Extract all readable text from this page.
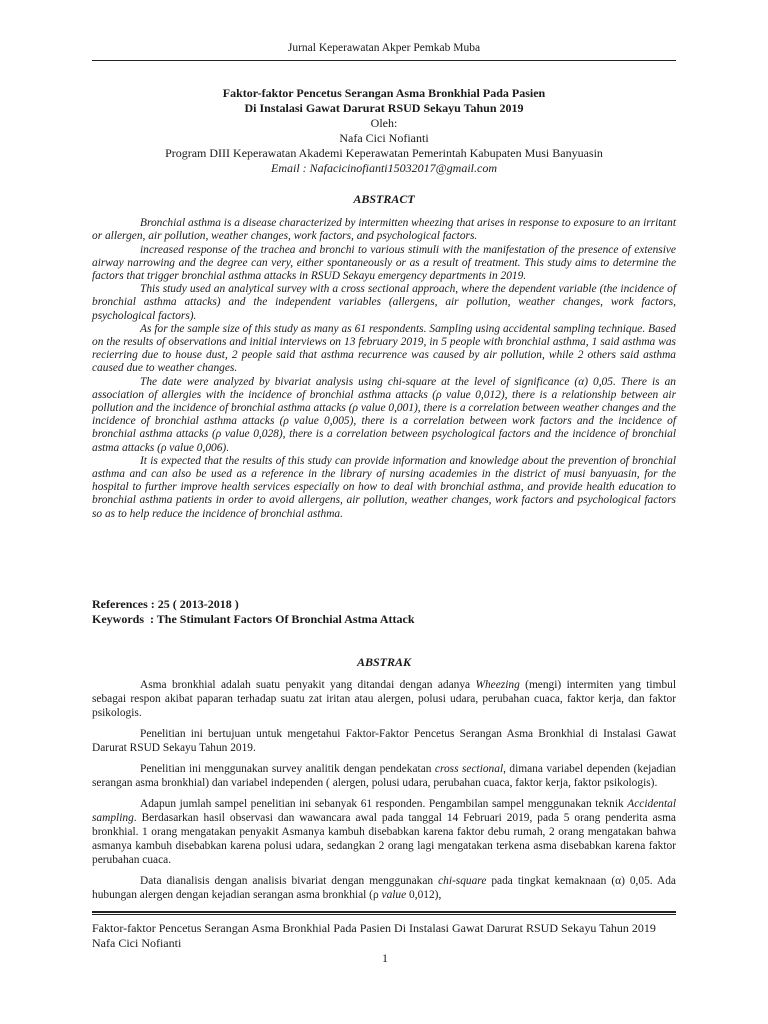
Jurnal Keperawatan Akper Pemkab Muba
Faktor-faktor Pencetus Serangan Asma Bronkhial Pada Pasien
Di Instalasi Gawat Darurat RSUD Sekayu Tahun 2019
Oleh:
Nafa Cici Nofianti
Program DIII Keperawatan Akademi Keperawatan Pemerintah Kabupaten Musi Banyuasin
Email : Nafacicinofianti15032017@gmail.com
ABSTRACT

Bronchial asthma is a disease characterized by intermitten wheezing that arises in response to exposure to an irritant or allergen, air pollution, weather changes, work factors, and psychological factors.

increased response of the trachea and bronchi to various stimuli with the manifestation of the presence of extensive airway narrowing and the degree can very, either spontaneously or as a result of treatment. This study aims to determine the factors that trigger bronchial asthma attacks in RSUD Sekayu emergency departments in 2019.

This study used an analytical survey with a cross sectional approach, where the dependent variable (the incidence of bronchial asthma attacks) and the independent variables (allergens, air pollution, weather changes, work factors, psychological factors).

As for the sample size of this study as many as 61 respondents. Sampling using accidental sampling technique. Based on the results of observations and initial interviews on 13 february 2019, in 5 people with bronchial asthma, 1 said asthma was recierring due to house dust, 2 people said that asthma recurrence was caused by air pollution, while 2 others said asthma caused due to weather changes.

The date were analyzed by bivariat analysis using chi-square at the level of significance (α) 0,05. There is an association of allergies with the incidence of bronchial asthma attacks (ρ value 0,012), there is a relationship between air pollution and the incidence of bronchial asthma attacks (ρ value 0,001), there is a correlation between weather changes and the incidence of bronchial asthma attacks (ρ value 0,005), there is a correlation between work factors and the incidence of bronchial asthma attacks (ρ value 0,028), there is a correlation between psychological factors and the incidence of bronchial astma attacks (ρ value 0,006).

It is expected that the results of this study can provide information and knowledge about the prevention of bronchial asthma and can also be used as a reference in the library of nursing academies in the district of musi banyuasin, for the hospital to further improve health services especially on how to deal with bronchial asthma, and provide health education to bronchial asthma patients in order to avoid allergens, air pollution, weather changes, work factors and psychological factors so as to help reduce the incidence of bronchial asthma.

References : 25 ( 2013-2018 )
Keywords  : The Stimulant Factors Of Bronchial Astma Attack
ABSTRAK

Asma bronkhial adalah suatu penyakit yang ditandai dengan adanya Wheezing (mengi) intermiten yang timbul sebagai respon akibat paparan terhadap suatu zat iritan atau alergen, polusi udara, perubahan cuaca, faktor kerja, dan faktor psikologis.

Penelitian ini bertujuan untuk mengetahui Faktor-Faktor Pencetus Serangan Asma Bronkhial di Instalasi Gawat Darurat RSUD Sekayu Tahun 2019.

Penelitian ini menggunakan survey analitik dengan pendekatan cross sectional, dimana variabel dependen (kejadian serangan asma bronkhial) dan variabel independen ( alergen, polusi udara, perubahan cuaca, faktor kerja, faktor psikologis).

Adapun jumlah sampel penelitian ini sebanyak 61 responden. Pengambilan sampel menggunakan teknik Accidental sampling. Berdasarkan hasil observasi dan wawancara awal pada tanggal 14 Februari 2019, pada 5 orang penderita asma bronkhial. 1 orang mengatakan penyakit Asmanya kambuh disebabkan karena faktor debu rumah, 2 orang mengatakan bahwa asmanya kambuh disebabkan karena polusi udara, sedangkan 2 orang lagi mengatakan terkena asma disebabkan karena faktor perubahan cuaca.

Data dianalisis dengan analisis bivariat dengan menggunakan chi-square pada tingkat kemaknaan (α) 0,05. Ada hubungan alergen dengan kejadian serangan asma bronkhial (ρ value 0,012),

Faktor-faktor Pencetus Serangan Asma Bronkhial Pada Pasien Di Instalasi Gawat Darurat RSUD Sekayu Tahun 2019
Nafa Cici Nofianti
1
